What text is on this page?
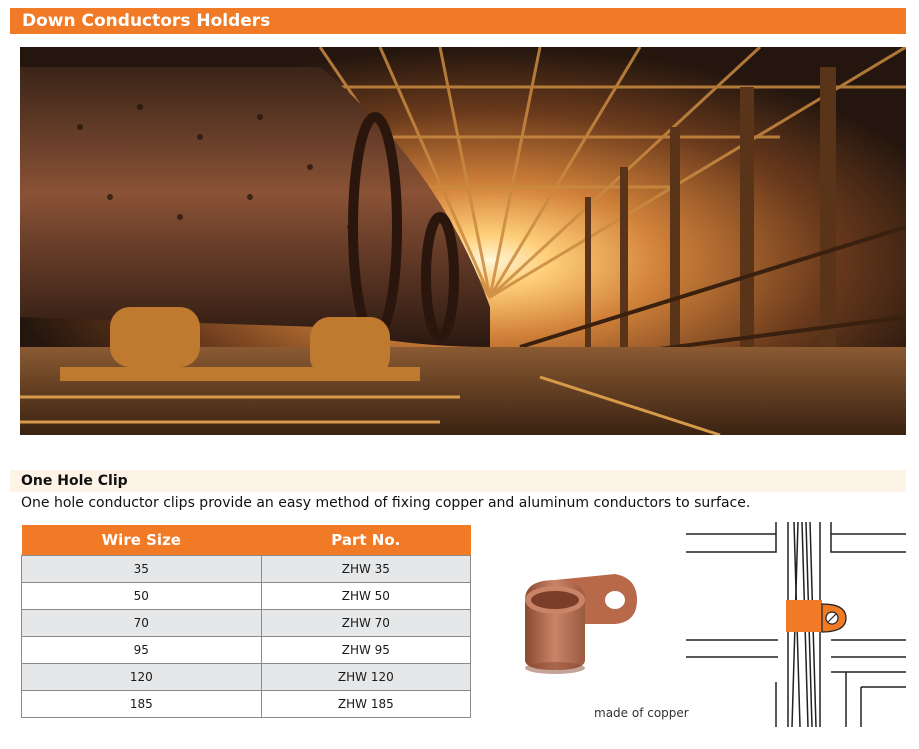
Down Conductors Holders
One Hole Clip
One hole conductor clips provide an easy method of fixing copper and aluminum conductors to surface.
Wire Size	Part No.
35	ZHW 35
50	ZHW 50
70	ZHW 70
95	ZHW 95
120	ZHW 120
185	ZHW 185
made of copper
